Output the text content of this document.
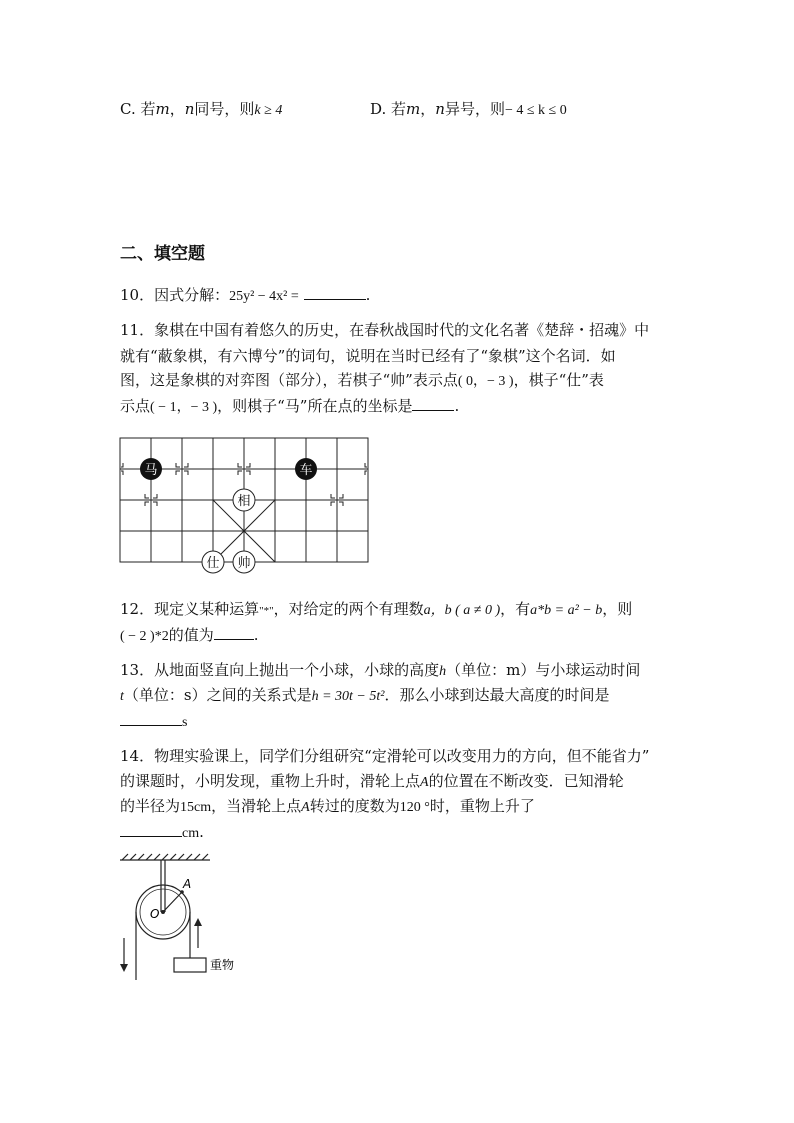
C. 若m，n同号，则k ≥ 4	D. 若m，n异号，则− 4 ≤ k ≤ 0
二、填空题
10．因式分解：25y² − 4x² =	.
11．象棋在中国有着悠久的历史，在春秋战国时代的文化名著《楚辞・招魂》中
就有“蔽象棋，有六博兮”的词句，说明在当时已经有了“象棋”这个名词．如
图，这是象棋的对弈图（部分），若棋子“帅”表示点( 0，− 3 )，棋子“仕”表
示点( − 1，− 3 )，则棋子“马”所在点的坐标是	.
马	车
相
仕 帅
12．现定义某种运算"*"，对给定的两个有理数a，b ( a ≠ 0 )，有a*b = a² − b，则
( − 2 )*2的值为	.
13．从地面竖直向上抛出一个小球，小球的高度h（单位：m）与小球运动时间
t（单位：s）之间的关系式是h = 30t − 5t²．那么小球到达最大高度的时间是
s
14．物理实验课上，同学们分组研究“定滑轮可以改变用力的方向，但不能省力”
的课题时，小明发现，重物上升时，滑轮上点A的位置在不断改变．已知滑轮
的半径为15cm，当滑轮上点A转过的度数为120 °时，重物上升了
cm.
A
O
重物
